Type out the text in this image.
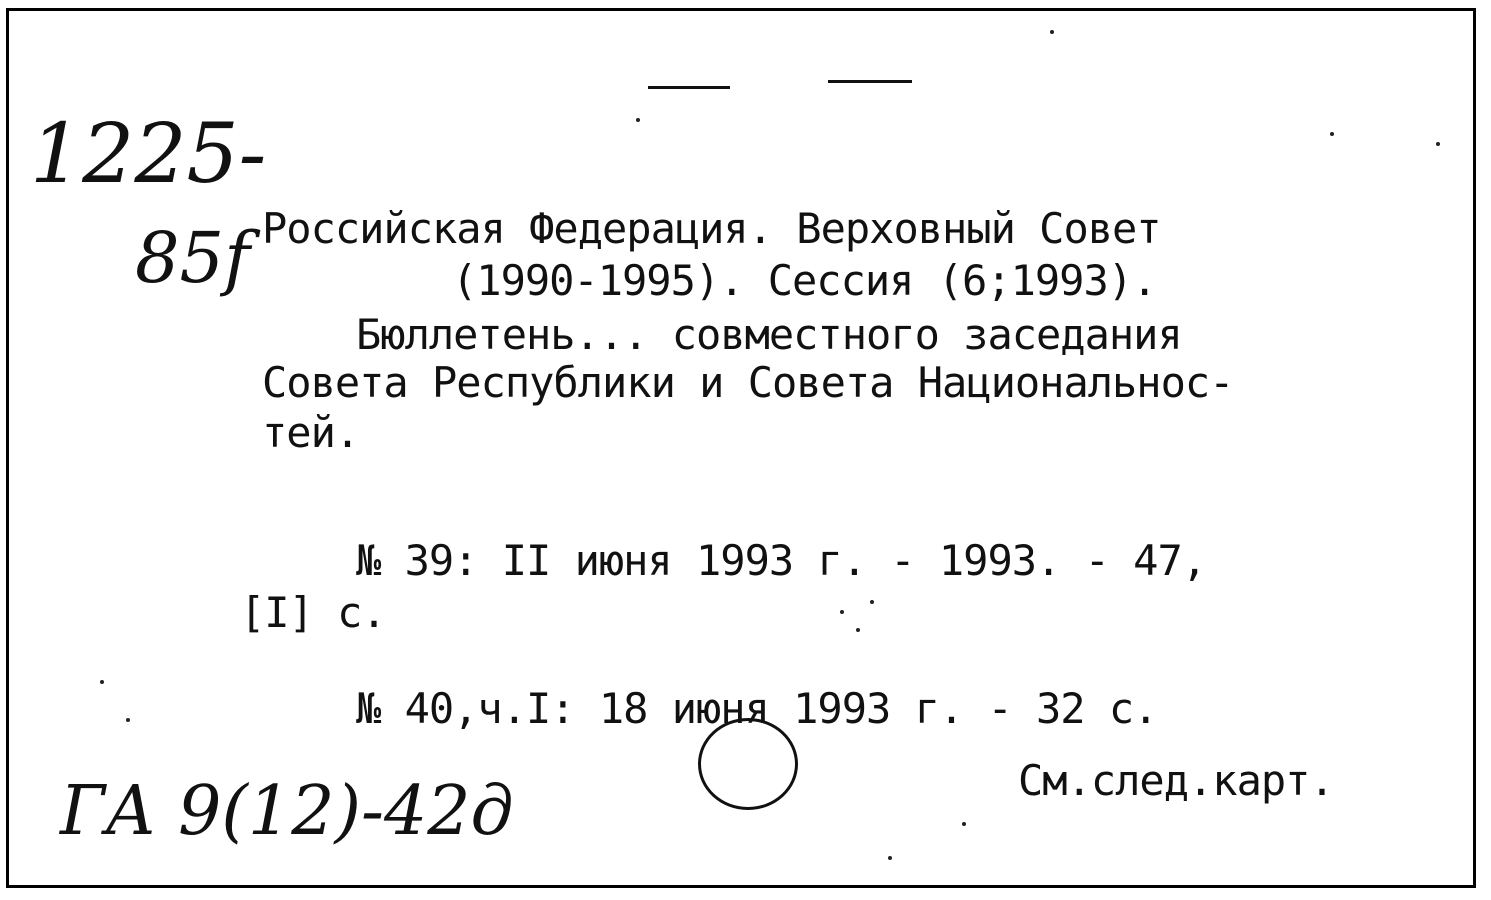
1225-
85f Российская Федерация. Верховный Совет
(1990-1995). Сессия (6;1993).
Бюллетень... совместного заседания
Совета Республики и Совета Национальнос-
тей.
№ 39: II июня 1993 г. - 1993. - 47,
[I] с.
№ 40,ч.I: 18 июня 1993 г. - 32 с.
См.след.карт.
ГА 9(12)-42д
